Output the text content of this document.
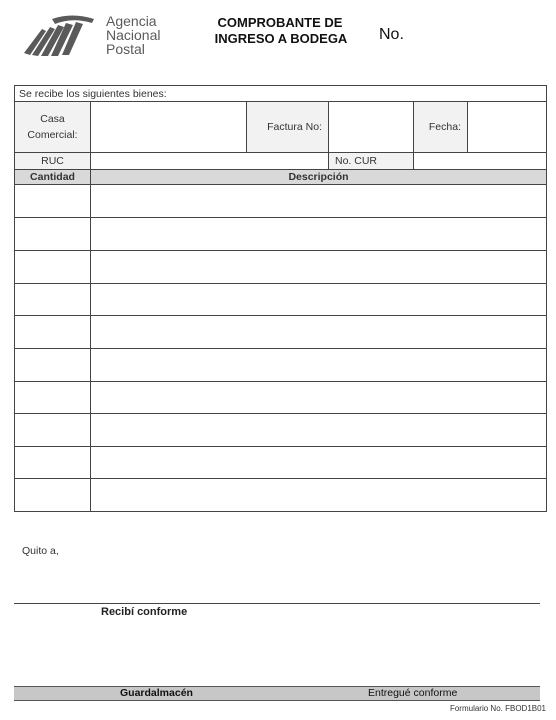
Agencia
Nacional
Postal
COMPROBANTE DE
INGRESO A BODEGA	No.
Se recibe los siguientes bienes:
Casa
Comercial:
Factura No:	Fecha:
RUC	No. CUR
Cantidad	Descripción
Quito a,
Recibí conforme
Guardalmacén	Entregué conforme
Formulario No. FBOD1B01
